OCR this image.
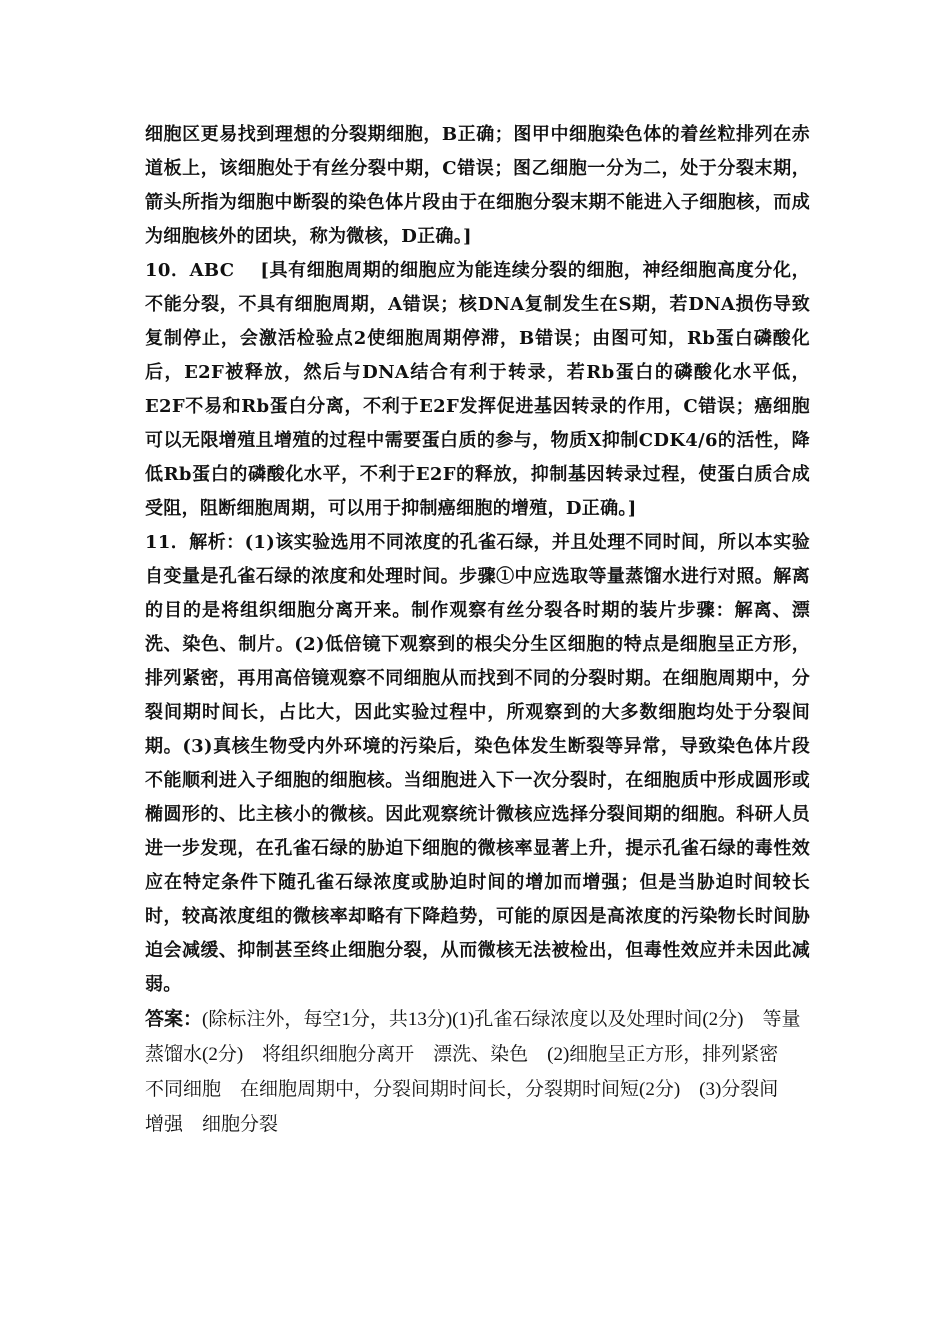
细胞区更易找到理想的分裂期细胞，B正确；图甲中细胞染色体的着丝粒排列在赤道板上，该细胞处于有丝分裂中期，C错误；图乙细胞一分为二，处于分裂末期，箭头所指为细胞中断裂的染色体片段由于在细胞分裂末期不能进入子细胞核，而成为细胞核外的团块，称为微核，D正确。]

10．ABC　 [具有细胞周期的细胞应为能连续分裂的细胞，神经细胞高度分化，不能分裂，不具有细胞周期，A错误；核DNA复制发生在S期，若DNA损伤导致复制停止，会激活检验点2使细胞周期停滞，B错误；由图可知，Rb蛋白磷酸化后，E2F被释放，然后与DNA结合有利于转录，若Rb蛋白的磷酸化水平低，E2F不易和Rb蛋白分离，不利于E2F发挥促进基因转录的作用，C错误；癌细胞可以无限增殖且增殖的过程中需要蛋白质的参与，物质X抑制CDK4/6的活性，降低Rb蛋白的磷酸化水平，不利于E2F的释放，抑制基因转录过程，使蛋白质合成受阻，阻断细胞周期，可以用于抑制癌细胞的增殖，D正确。]

11．解析：(1)该实验选用不同浓度的孔雀石绿，并且处理不同时间，所以本实验自变量是孔雀石绿的浓度和处理时间。步骤①中应选取等量蒸馏水进行对照。解离的目的是将组织细胞分离开来。制作观察有丝分裂各时期的装片步骤：解离、漂洗、染色、制片。(2)低倍镜下观察到的根尖分生区细胞的特点是细胞呈正方形，排列紧密，再用高倍镜观察不同细胞从而找到不同的分裂时期。在细胞周期中，分裂间期时间长，占比大，因此实验过程中，所观察到的大多数细胞均处于分裂间期。(3)真核生物受内外环境的污染后，染色体发生断裂等异常，导致染色体片段不能顺利进入子细胞的细胞核。当细胞进入下一次分裂时，在细胞质中形成圆形或椭圆形的、比主核小的微核。因此观察统计微核应选择分裂间期的细胞。科研人员进一步发现，在孔雀石绿的胁迫下细胞的微核率显著上升，提示孔雀石绿的毒性效应在特定条件下随孔雀石绿浓度或胁迫时间的增加而增强；但是当胁迫时间较长时，较高浓度组的微核率却略有下降趋势，可能的原因是高浓度的污染物长时间胁迫会减缓、抑制甚至终止细胞分裂，从而微核无法被检出，但毒性效应并未因此减弱。

答案：(除标注外，每空1分，共13分)(1)孔雀石绿浓度以及处理时间(2分)　等量蒸馏水(2分)　将组织细胞分离开　漂洗、染色　(2)细胞呈正方形，排列紧密　不同细胞　在细胞周期中，分裂间期时间长，分裂期时间短(2分)　(3)分裂间　增强　细胞分裂
